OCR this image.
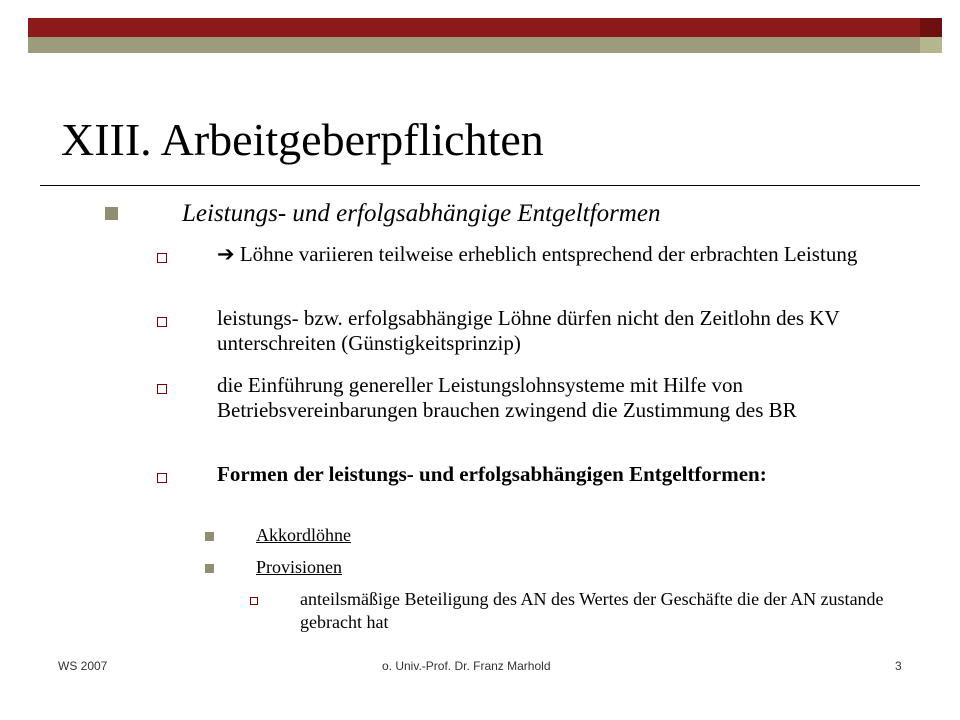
XIII. Arbeitgeberpflichten
Leistungs- und erfolgsabhängige Entgeltformen
➔ Löhne variieren teilweise erheblich entsprechend der erbrachten Leistung
leistungs- bzw. erfolgsabhängige Löhne dürfen nicht den Zeitlohn des KV unterschreiten (Günstigkeitsprinzip)
die Einführung genereller Leistungslohnsysteme mit Hilfe von Betriebsvereinbarungen brauchen zwingend die Zustimmung des BR
Formen der leistungs- und erfolgsabhängigen Entgeltformen:
Akkordlöhne
Provisionen
anteilsmäßige Beteiligung des AN des Wertes der Geschäfte die der AN zustande gebracht hat
WS 2007	o. Univ.-Prof. Dr. Franz Marhold	3
